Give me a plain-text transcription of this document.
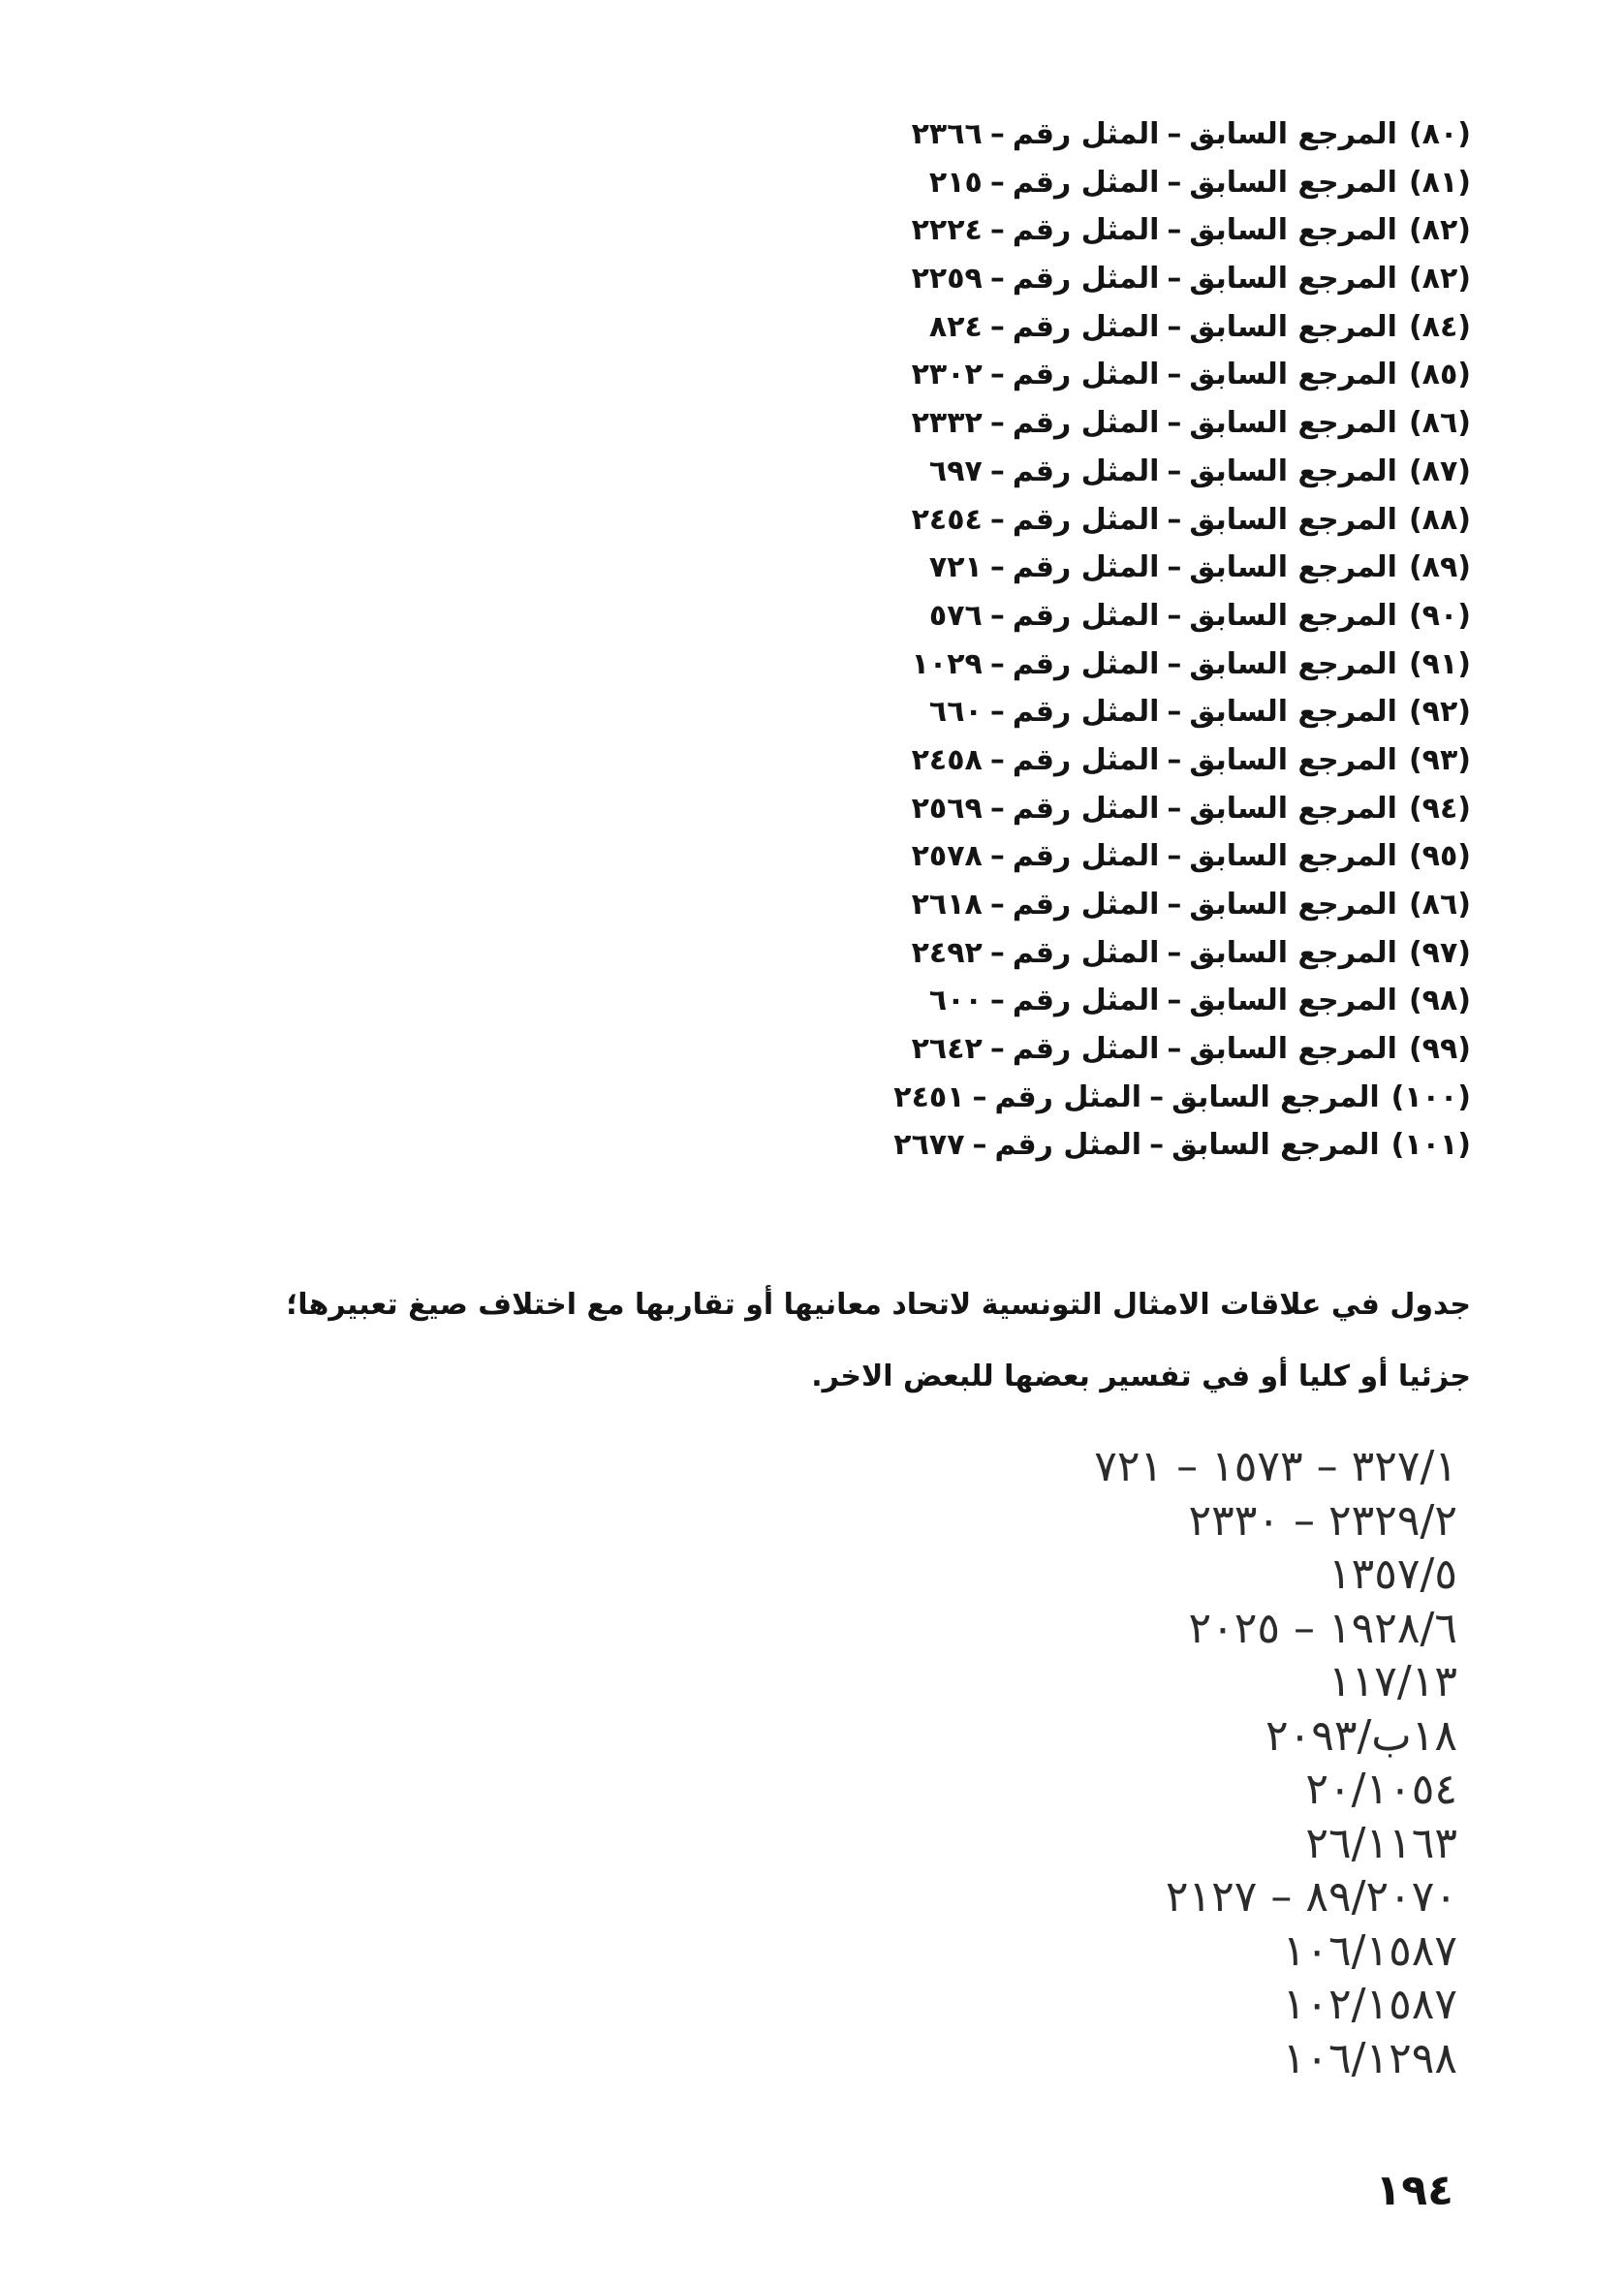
(٨٠)المرجع السابق–المثل رقم–٢٣٦٦
(٨١)المرجع السابق–المثل رقم–٢١٥
(٨٢)المرجع السابق–المثل رقم–٢٢٢٤
(٨٢)المرجع السابق–المثل رقم–٢٢٥٩
(٨٤)المرجع السابق–المثل رقم–٨٢٤
(٨٥)المرجع السابق–المثل رقم–٢٣٠٢
(٨٦)المرجع السابق–المثل رقم–٢٣٣٢
(٨٧)المرجع السابق–المثل رقم–٦٩٧
(٨٨)المرجع السابق–المثل رقم–٢٤٥٤
(٨٩)المرجع السابق–المثل رقم–٧٢١
(٩٠)المرجع السابق–المثل رقم–٥٧٦
(٩١)المرجع السابق–المثل رقم–١٠٢٩
(٩٢)المرجع السابق–المثل رقم–٦٦٠
(٩٣)المرجع السابق–المثل رقم–٢٤٥٨
(٩٤)المرجع السابق–المثل رقم–٢٥٦٩
(٩٥)المرجع السابق–المثل رقم–٢٥٧٨
(٨٦)المرجع السابق–المثل رقم–٢٦١٨
(٩٧)المرجع السابق–المثل رقم–٢٤٩٢
(٩٨)المرجع السابق–المثل رقم–٦٠٠
(٩٩)المرجع السابق–المثل رقم–٢٦٤٢
(١٠٠)المرجع السابق–المثل رقم–٢٤٥١
(١٠١)المرجع السابق–المثل رقم–٢٦٧٧
جدول في علاقات الامثال التونسية لاتحاد معانيها أو تقاربها مع اختلاف صيغ تعبيرها؛
جزئيا أو كليا أو في تفسير بعضها للبعض الاخر.
٣٢٧/١ – ١٥٧٣ – ٧٢١
٢٣٢٩/٢ – ٢٣٣٠
١٣٥٧/٥
١٩٢٨/٦ – ٢٠٢٥
١١٧/١٣
١٨ب/٢٠٩٣
٢٠/١٠٥٤
٢٦/١١٦٣
٨٩/٢٠٧٠ – ٢١٢٧
١٠٦/١٥٨٧
١٠٢/١٥٨٧
١٠٦/١٢٩٨
١٩٤
